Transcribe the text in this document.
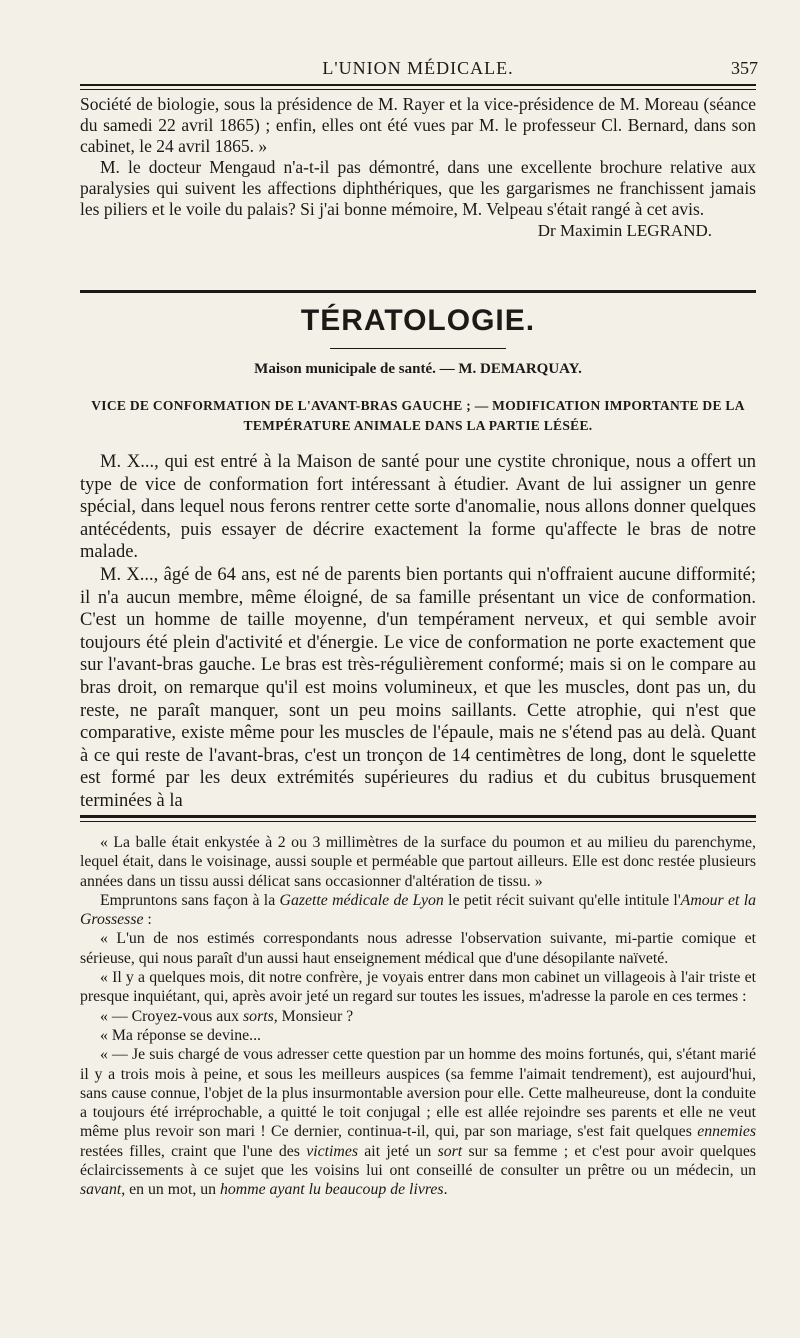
L'UNION MÉDICALE.	357

Société de biologie, sous la présidence de M. Rayer et la vice-présidence de M. Moreau (séance du samedi 22 avril 1865) ; enfin, elles ont été vues par M. le professeur Cl. Bernard, dans son cabinet, le 24 avril 1865. »

M. le docteur Mengaud n'a-t-il pas démontré, dans une excellente brochure relative aux paralysies qui suivent les affections diphthériques, que les gargarismes ne franchissent jamais les piliers et le voile du palais? Si j'ai bonne mémoire, M. Velpeau s'était rangé à cet avis.

Dr Maximin LEGRAND.
TÉRATOLOGIE.
Maison municipale de santé. — M. DEMARQUAY.
VICE DE CONFORMATION DE L'AVANT-BRAS GAUCHE ; — MODIFICATION IMPORTANTE DE LA TEMPÉRATURE ANIMALE DANS LA PARTIE LÉSÉE.

M. X..., qui est entré à la Maison de santé pour une cystite chronique, nous a offert un type de vice de conformation fort intéressant à étudier. Avant de lui assigner un genre spécial, dans lequel nous ferons rentrer cette sorte d'anomalie, nous allons donner quelques antécédents, puis essayer de décrire exactement la forme qu'affecte le bras de notre malade.

M. X..., âgé de 64 ans, est né de parents bien portants qui n'offraient aucune difformité; il n'a aucun membre, même éloigné, de sa famille présentant un vice de conformation. C'est un homme de taille moyenne, d'un tempérament nerveux, et qui semble avoir toujours été plein d'activité et d'énergie. Le vice de conformation ne porte exactement que sur l'avant-bras gauche. Le bras est très-régulièrement conformé; mais si on le compare au bras droit, on remarque qu'il est moins volumineux, et que les muscles, dont pas un, du reste, ne paraît manquer, sont un peu moins saillants. Cette atrophie, qui n'est que comparative, existe même pour les muscles de l'épaule, mais ne s'étend pas au delà. Quant à ce qui reste de l'avant-bras, c'est un tronçon de 14 centimètres de long, dont le squelette est formé par les deux extrémités supérieures du radius et du cubitus brusquement terminées à la

« La balle était enkystée à 2 ou 3 millimètres de la surface du poumon et au milieu du parenchyme, lequel était, dans le voisinage, aussi souple et perméable que partout ailleurs. Elle est donc restée plusieurs années dans un tissu aussi délicat sans occasionner d'altération de tissu. »

Empruntons sans façon à la Gazette médicale de Lyon le petit récit suivant qu'elle intitule l'Amour et la Grossesse :

« L'un de nos estimés correspondants nous adresse l'observation suivante, mi-partie comique et sérieuse, qui nous paraît d'un aussi haut enseignement médical que d'une désopilante naïveté.

« Il y a quelques mois, dit notre confrère, je voyais entrer dans mon cabinet un villageois à l'air triste et presque inquiétant, qui, après avoir jeté un regard sur toutes les issues, m'adresse la parole en ces termes :

« — Croyez-vous aux sorts, Monsieur ?

« Ma réponse se devine...

« — Je suis chargé de vous adresser cette question par un homme des moins fortunés, qui, s'étant marié il y a trois mois à peine, et sous les meilleurs auspices (sa femme l'aimait tendrement), est aujourd'hui, sans cause connue, l'objet de la plus insurmontable aversion pour elle. Cette malheureuse, dont la conduite a toujours été irréprochable, a quitté le toit conjugal ; elle est allée rejoindre ses parents et elle ne veut même plus revoir son mari ! Ce dernier, continua-t-il, qui, par son mariage, s'est fait quelques ennemies restées filles, craint que l'une des victimes ait jeté un sort sur sa femme ; et c'est pour avoir quelques éclaircissements à ce sujet que les voisins lui ont conseillé de consulter un prêtre ou un médecin, un savant, en un mot, un homme ayant lu beaucoup de livres.
